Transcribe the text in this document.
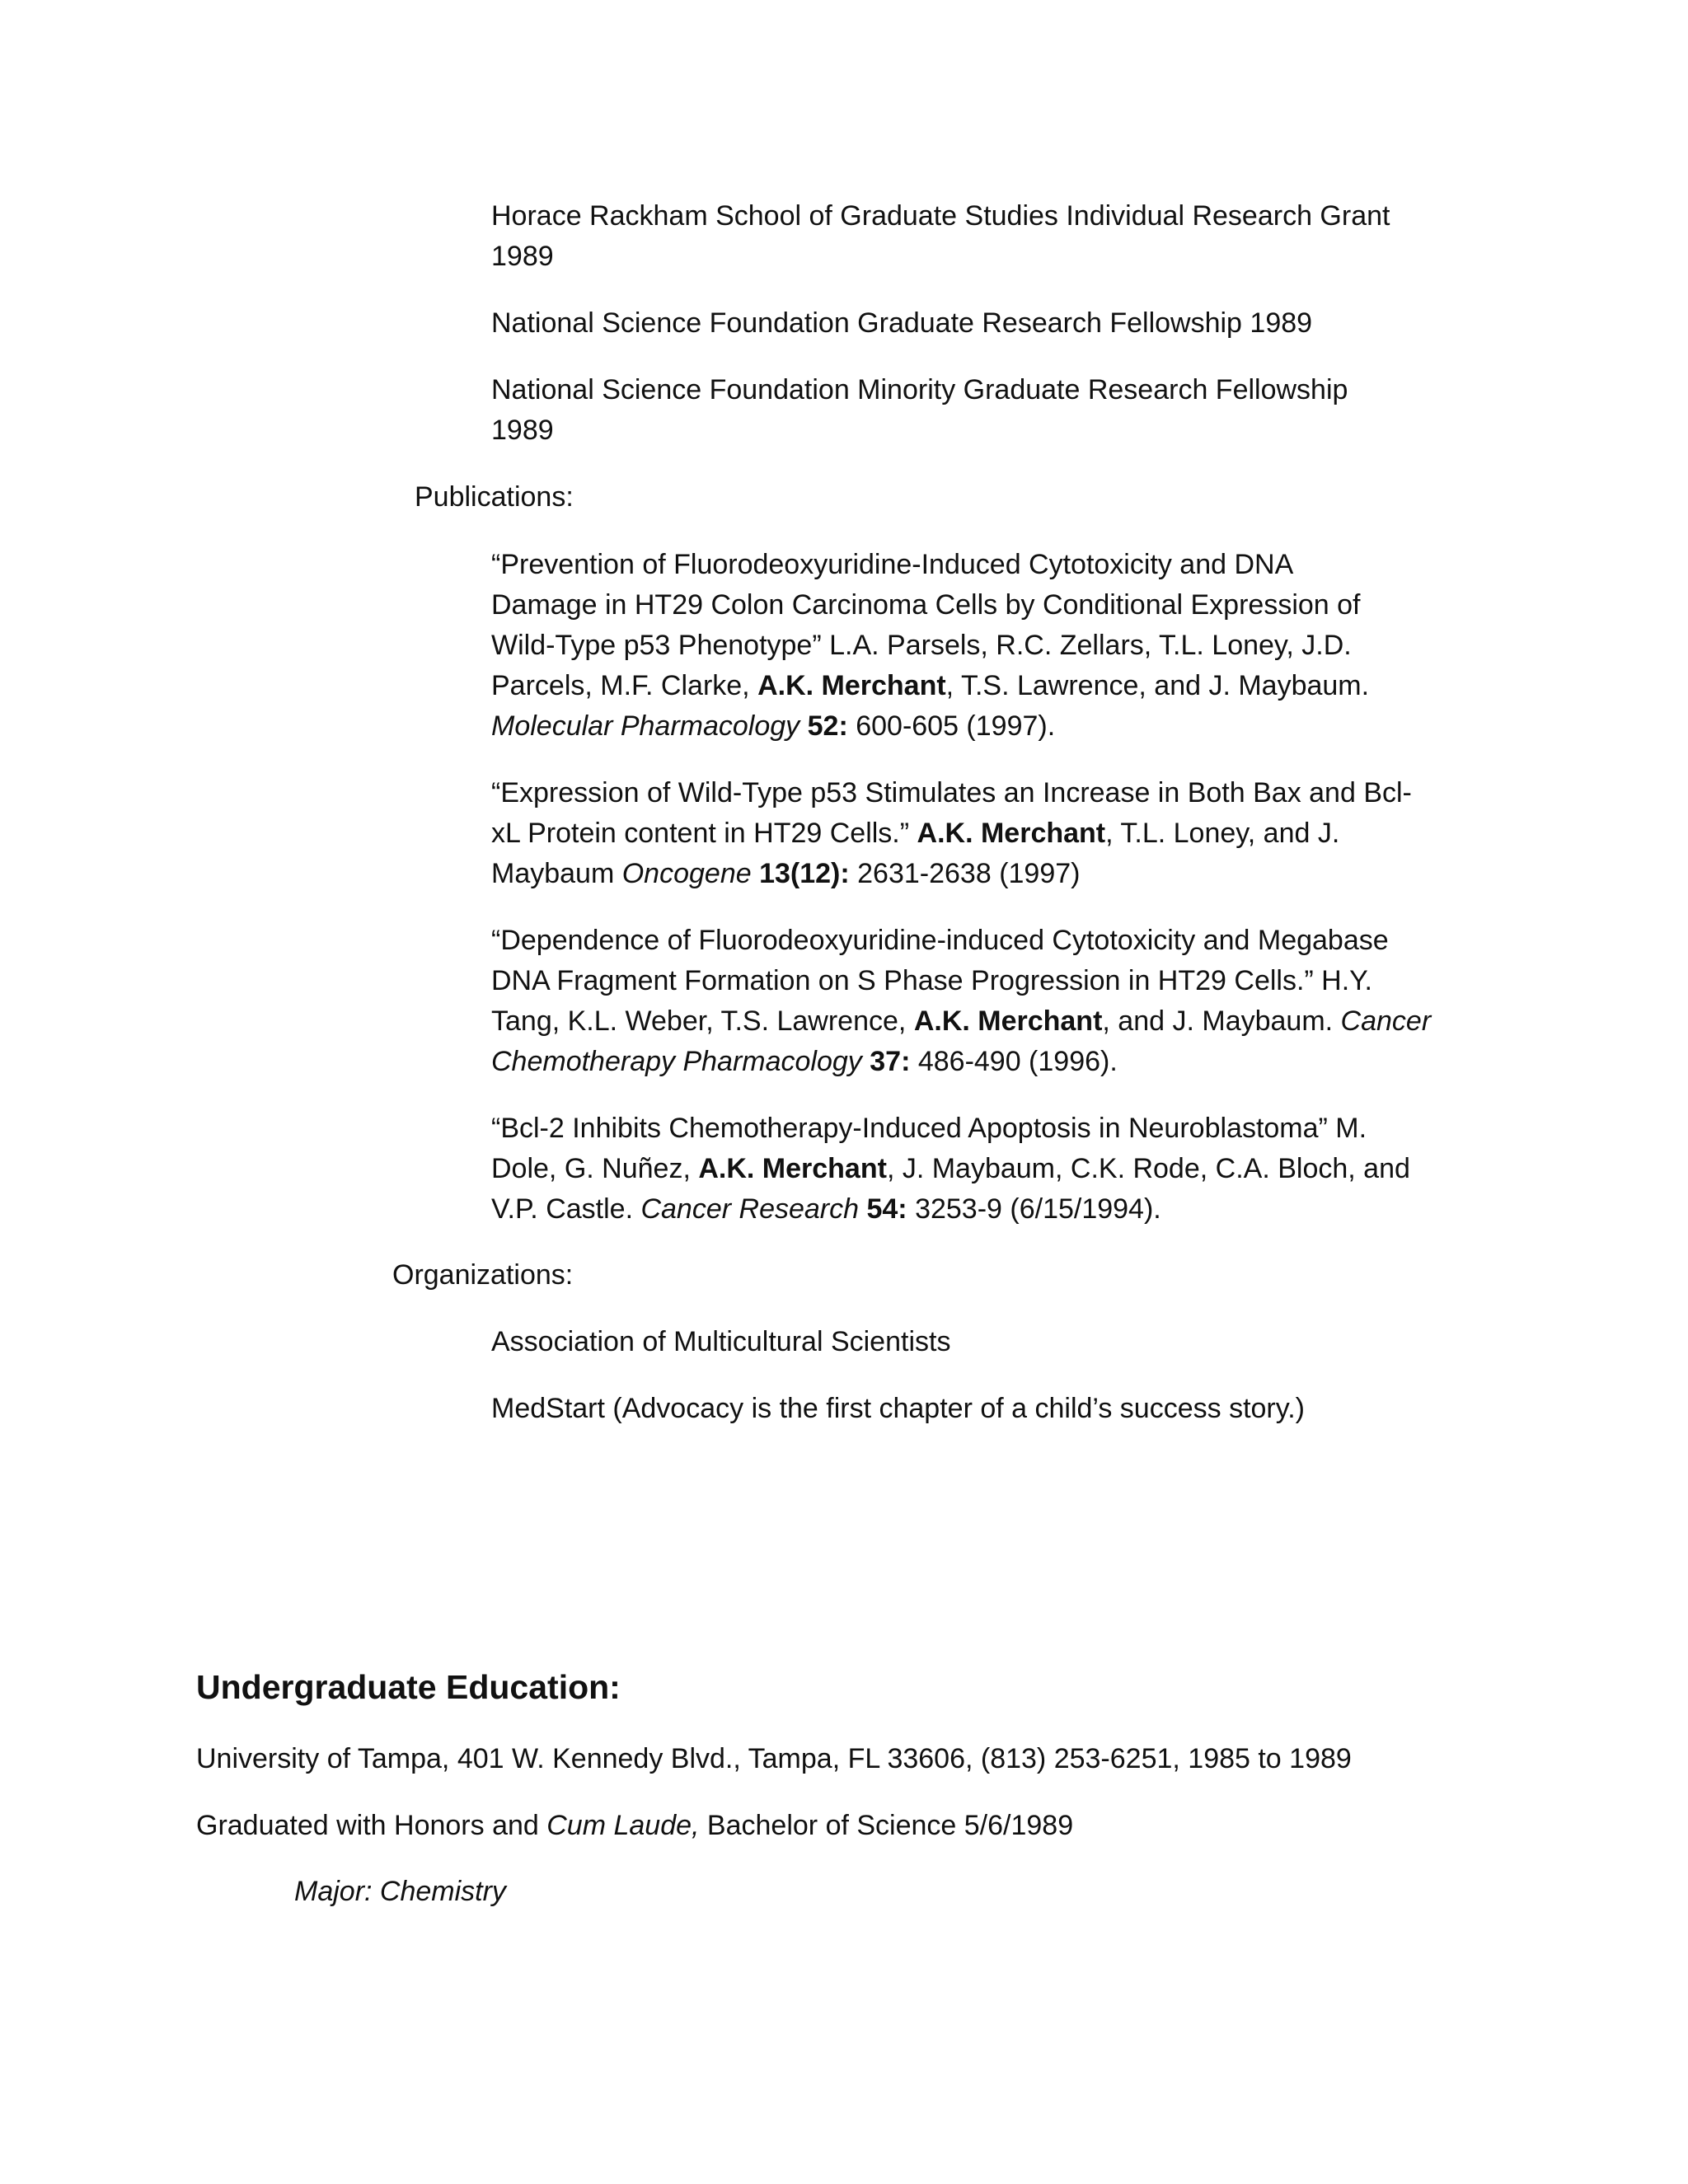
Horace Rackham School of Graduate Studies Individual Research Grant
1989
National Science Foundation Graduate Research Fellowship 1989
National Science Foundation Minority Graduate Research Fellowship
1989
Publications:
“Prevention of Fluorodeoxyuridine-Induced Cytotoxicity and DNA
Damage in HT29 Colon Carcinoma Cells by Conditional Expression of
Wild-Type p53 Phenotype” L.A. Parsels, R.C. Zellars, T.L. Loney, J.D.
Parcels, M.F. Clarke, A.K. Merchant, T.S. Lawrence, and J. Maybaum.
Molecular Pharmacology 52: 600-605 (1997).
“Expression of Wild-Type p53 Stimulates an Increase in Both Bax and Bcl-
xL Protein content in HT29 Cells.” A.K. Merchant, T.L. Loney, and J.
Maybaum Oncogene 13(12): 2631-2638 (1997)
“Dependence of Fluorodeoxyuridine-induced Cytotoxicity and Megabase
DNA Fragment Formation on S Phase Progression in HT29 Cells.” H.Y.
Tang, K.L. Weber, T.S. Lawrence, A.K. Merchant, and J. Maybaum. Cancer
Chemotherapy Pharmacology 37: 486-490 (1996).
“Bcl-2 Inhibits Chemotherapy-Induced Apoptosis in Neuroblastoma” M.
Dole, G. Nuñez, A.K. Merchant, J. Maybaum, C.K. Rode, C.A. Bloch, and
V.P. Castle. Cancer Research 54: 3253-9 (6/15/1994).
Organizations:
Association of Multicultural Scientists
MedStart (Advocacy is the first chapter of a child’s success story.)
Undergraduate Education:
University of Tampa, 401 W. Kennedy Blvd., Tampa, FL 33606, (813) 253-6251, 1985 to 1989
Graduated with Honors and Cum Laude, Bachelor of Science 5/6/1989
Major: Chemistry
